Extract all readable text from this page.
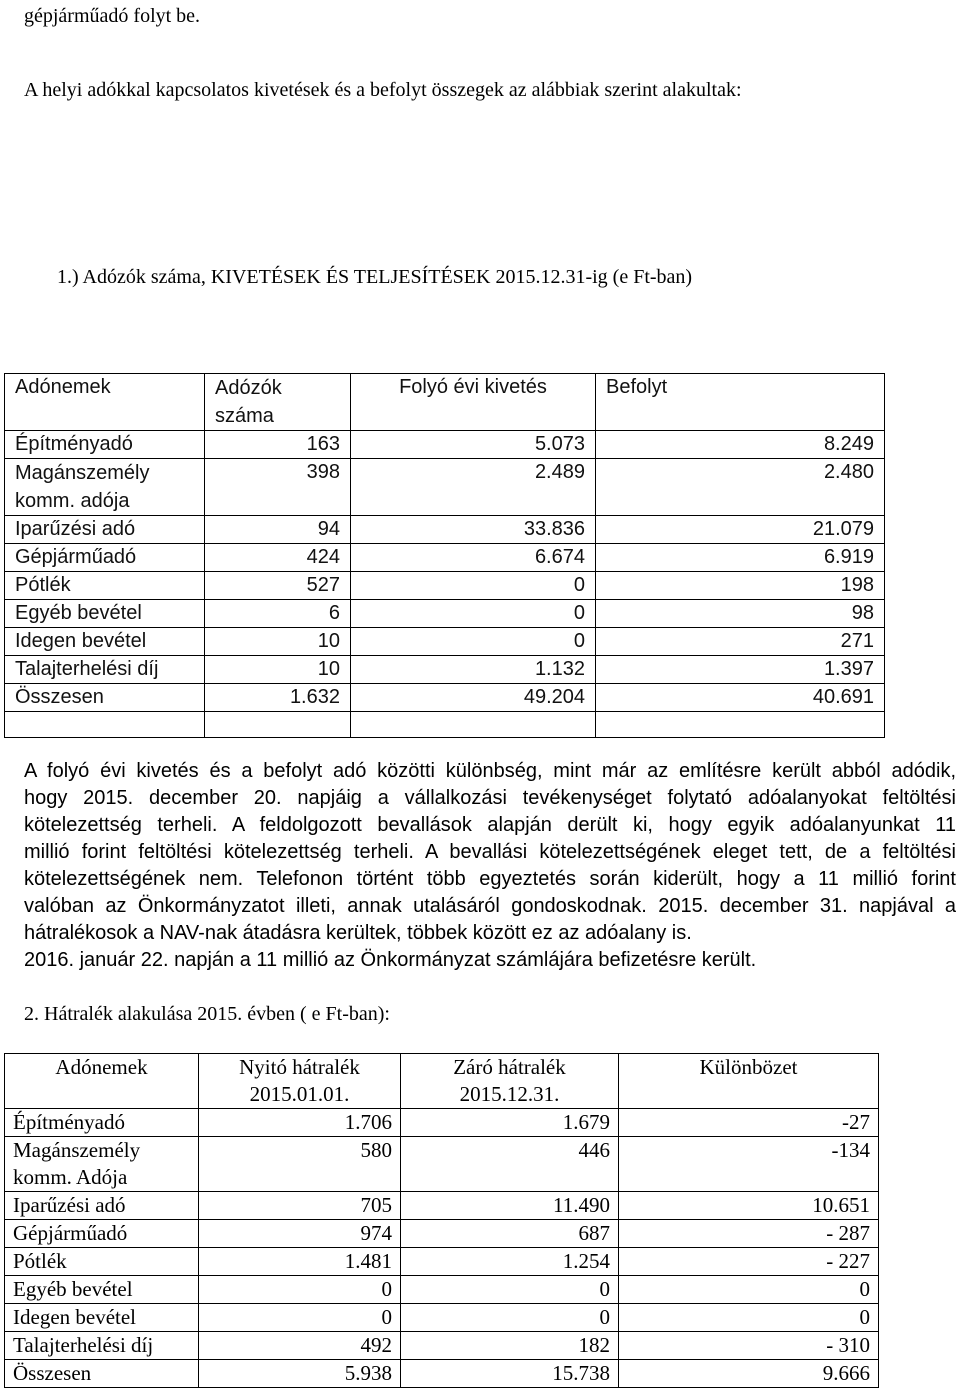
gépjárműadó folyt be.

A helyi adókkal kapcsolatos kivetések és a befolyt összegek az alábbiak szerint alakultak:

1.) Adózók száma, KIVETÉSEK ÉS TELJESÍTÉSEK 2015.12.31-ig (e Ft-ban)

Adónemek	Adózók száma	Folyó évi kivetés	Befolyt
Építményadó	163	5.073	8.249
Magánszemély komm. adója	398	2.489	2.480
Iparűzési adó	94	33.836	21.079
Gépjárműadó	424	6.674	6.919
Pótlék	527	0	198
Egyéb bevétel	6	0	98
Idegen bevétel	10	0	271
Talajterhelési díj	10	1.132	1.397
Összesen	1.632	49.204	40.691

A folyó évi kivetés és a befolyt adó közötti különbség, mint már az említésre került abból adódik,
hogy 2015. december 20. napjáig a vállalkozási tevékenységet folytató adóalanyokat feltöltési
kötelezettség terheli. A feldolgozott bevallások alapján derült ki, hogy egyik adóalanyunkat 11
millió forint feltöltési kötelezettség terheli. A bevallási kötelezettségének eleget tett, de a feltöltési
kötelezettségének nem. Telefonon történt több egyeztetés során kiderült, hogy a 11 millió forint
valóban az Önkormányzatot illeti, annak utalásáról gondoskodnak. 2015. december 31. napjával a
hátralékosok a NAV-nak átadásra kerültek, többek között ez az adóalany is.
2016. január 22. napján a 11 millió az Önkormányzat számlájára befizetésre került.

2. Hátralék alakulása 2015. évben ( e Ft-ban):

Adónemek	Nyitó hátralék 2015.01.01.	Záró hátralék 2015.12.31.	Különbözet
Építményadó	1.706	1.679	-27
Magánszemély komm. Adója	580	446	-134
Iparűzési adó	705	11.490	10.651
Gépjárműadó	974	687	- 287
Pótlék	1.481	1.254	- 227
Egyéb bevétel	0	0	0
Idegen bevétel	0	0	0
Talajterhelési díj	492	182	- 310
Összesen	5.938	15.738	9.666
